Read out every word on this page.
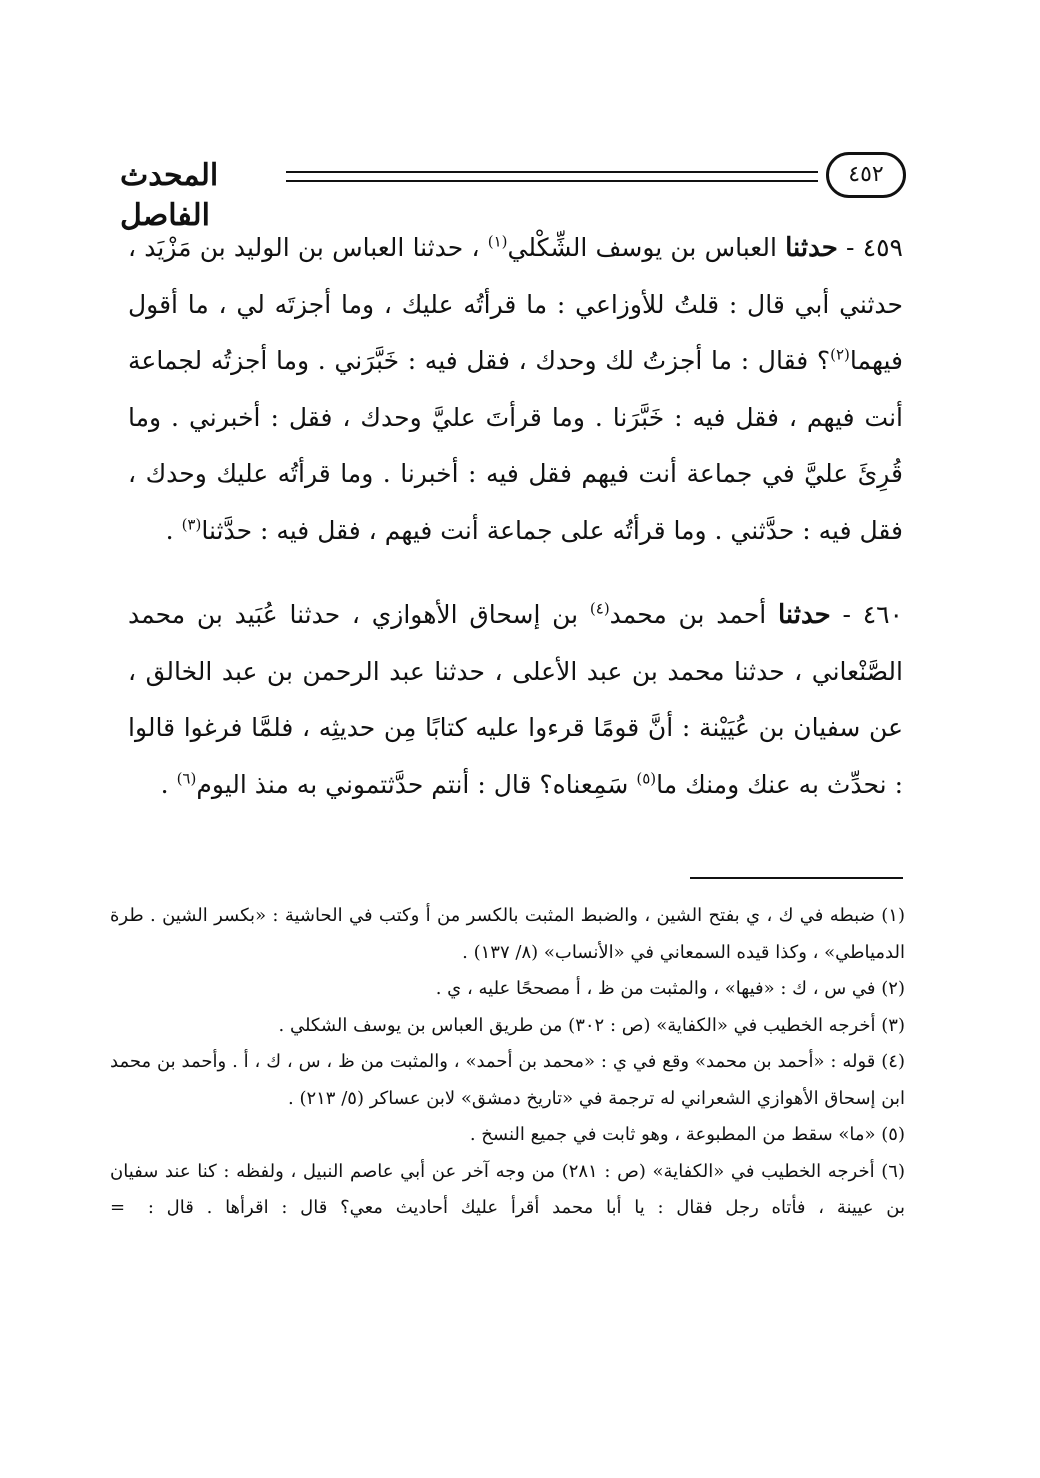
المحدث الفاصل
٤٥٢
٤٥٩ - حدثنا العباس بن يوسف الشِّكْلي$^{(١)}$ ، حدثنا العباس بن الوليد بن مَزْيَد ، حدثني أبي قال : قلتُ للأوزاعي : ما قرأتُه عليك ، وما أجزتَه لي ، ما أقول فيهما$^{(٢)}$؟ فقال : ما أجزتُ لك وحدك ، فقل فيه : خَبَّرَني . وما أجزتُه لجماعة أنت فيهم ، فقل فيه : خَبَّرَنا . وما قرأتَ عليَّ وحدك ، فقل : أخبرني . وما قُرِئَ عليَّ في جماعة أنت فيهم فقل فيه : أخبرنا . وما قرأتُه عليك وحدك ، فقل فيه : حدَّثني . وما قرأتُه على جماعة أنت فيهم ، فقل فيه : حدَّثنا$^{(٣)}$ .
٤٦٠ - حدثنا أحمد بن محمد$^{(٤)}$ بن إسحاق الأهوازي ، حدثنا عُبَيد بن محمد الصَّنْعاني ، حدثنا محمد بن عبد الأعلى ، حدثنا عبد الرحمن بن عبد الخالق ، عن سفيان بن عُيَيْنة : أنَّ قومًا قرءوا عليه كتابًا مِن حديثِه ، فلمَّا فرغوا قالوا : نحدِّث به عنك ومنك ما$^{(٥)}$ سَمِعناه؟ قال : أنتم حدَّثتموني به منذ اليوم$^{(٦)}$ .
(١) ضبطه في ك ، ي بفتح الشين ، والضبط المثبت بالكسر من أ وكتب في الحاشية : «بكسر الشين . طرة الدمياطي» ، وكذا قيده السمعاني في «الأنساب» (٨/ ١٣٧) .
(٢) في س ، ك : «فيها» ، والمثبت من ظ ، أ مصححًا عليه ، ي .
(٣) أخرجه الخطيب في «الكفاية» (ص : ٣٠٢) من طريق العباس بن يوسف الشكلي .
(٤) قوله : «أحمد بن محمد» وقع في ي : «محمد بن أحمد» ، والمثبت من ظ ، س ، ك ، أ . وأحمد بن محمد ابن إسحاق الأهوازي الشعراني له ترجمة في «تاريخ دمشق» لابن عساكر (٥/ ٢١٣) .
(٥) «ما» سقط من المطبوعة ، وهو ثابت في جميع النسخ .
(٦) أخرجه الخطيب في «الكفاية» (ص : ٢٨١) من وجه آخر عن أبي عاصم النبيل ، ولفظه : كنا عند سفيان بن عيينة ، فأتاه رجل فقال : يا أبا محمد أقرأ عليك أحاديث معي؟ قال : اقرأها . قال : =
